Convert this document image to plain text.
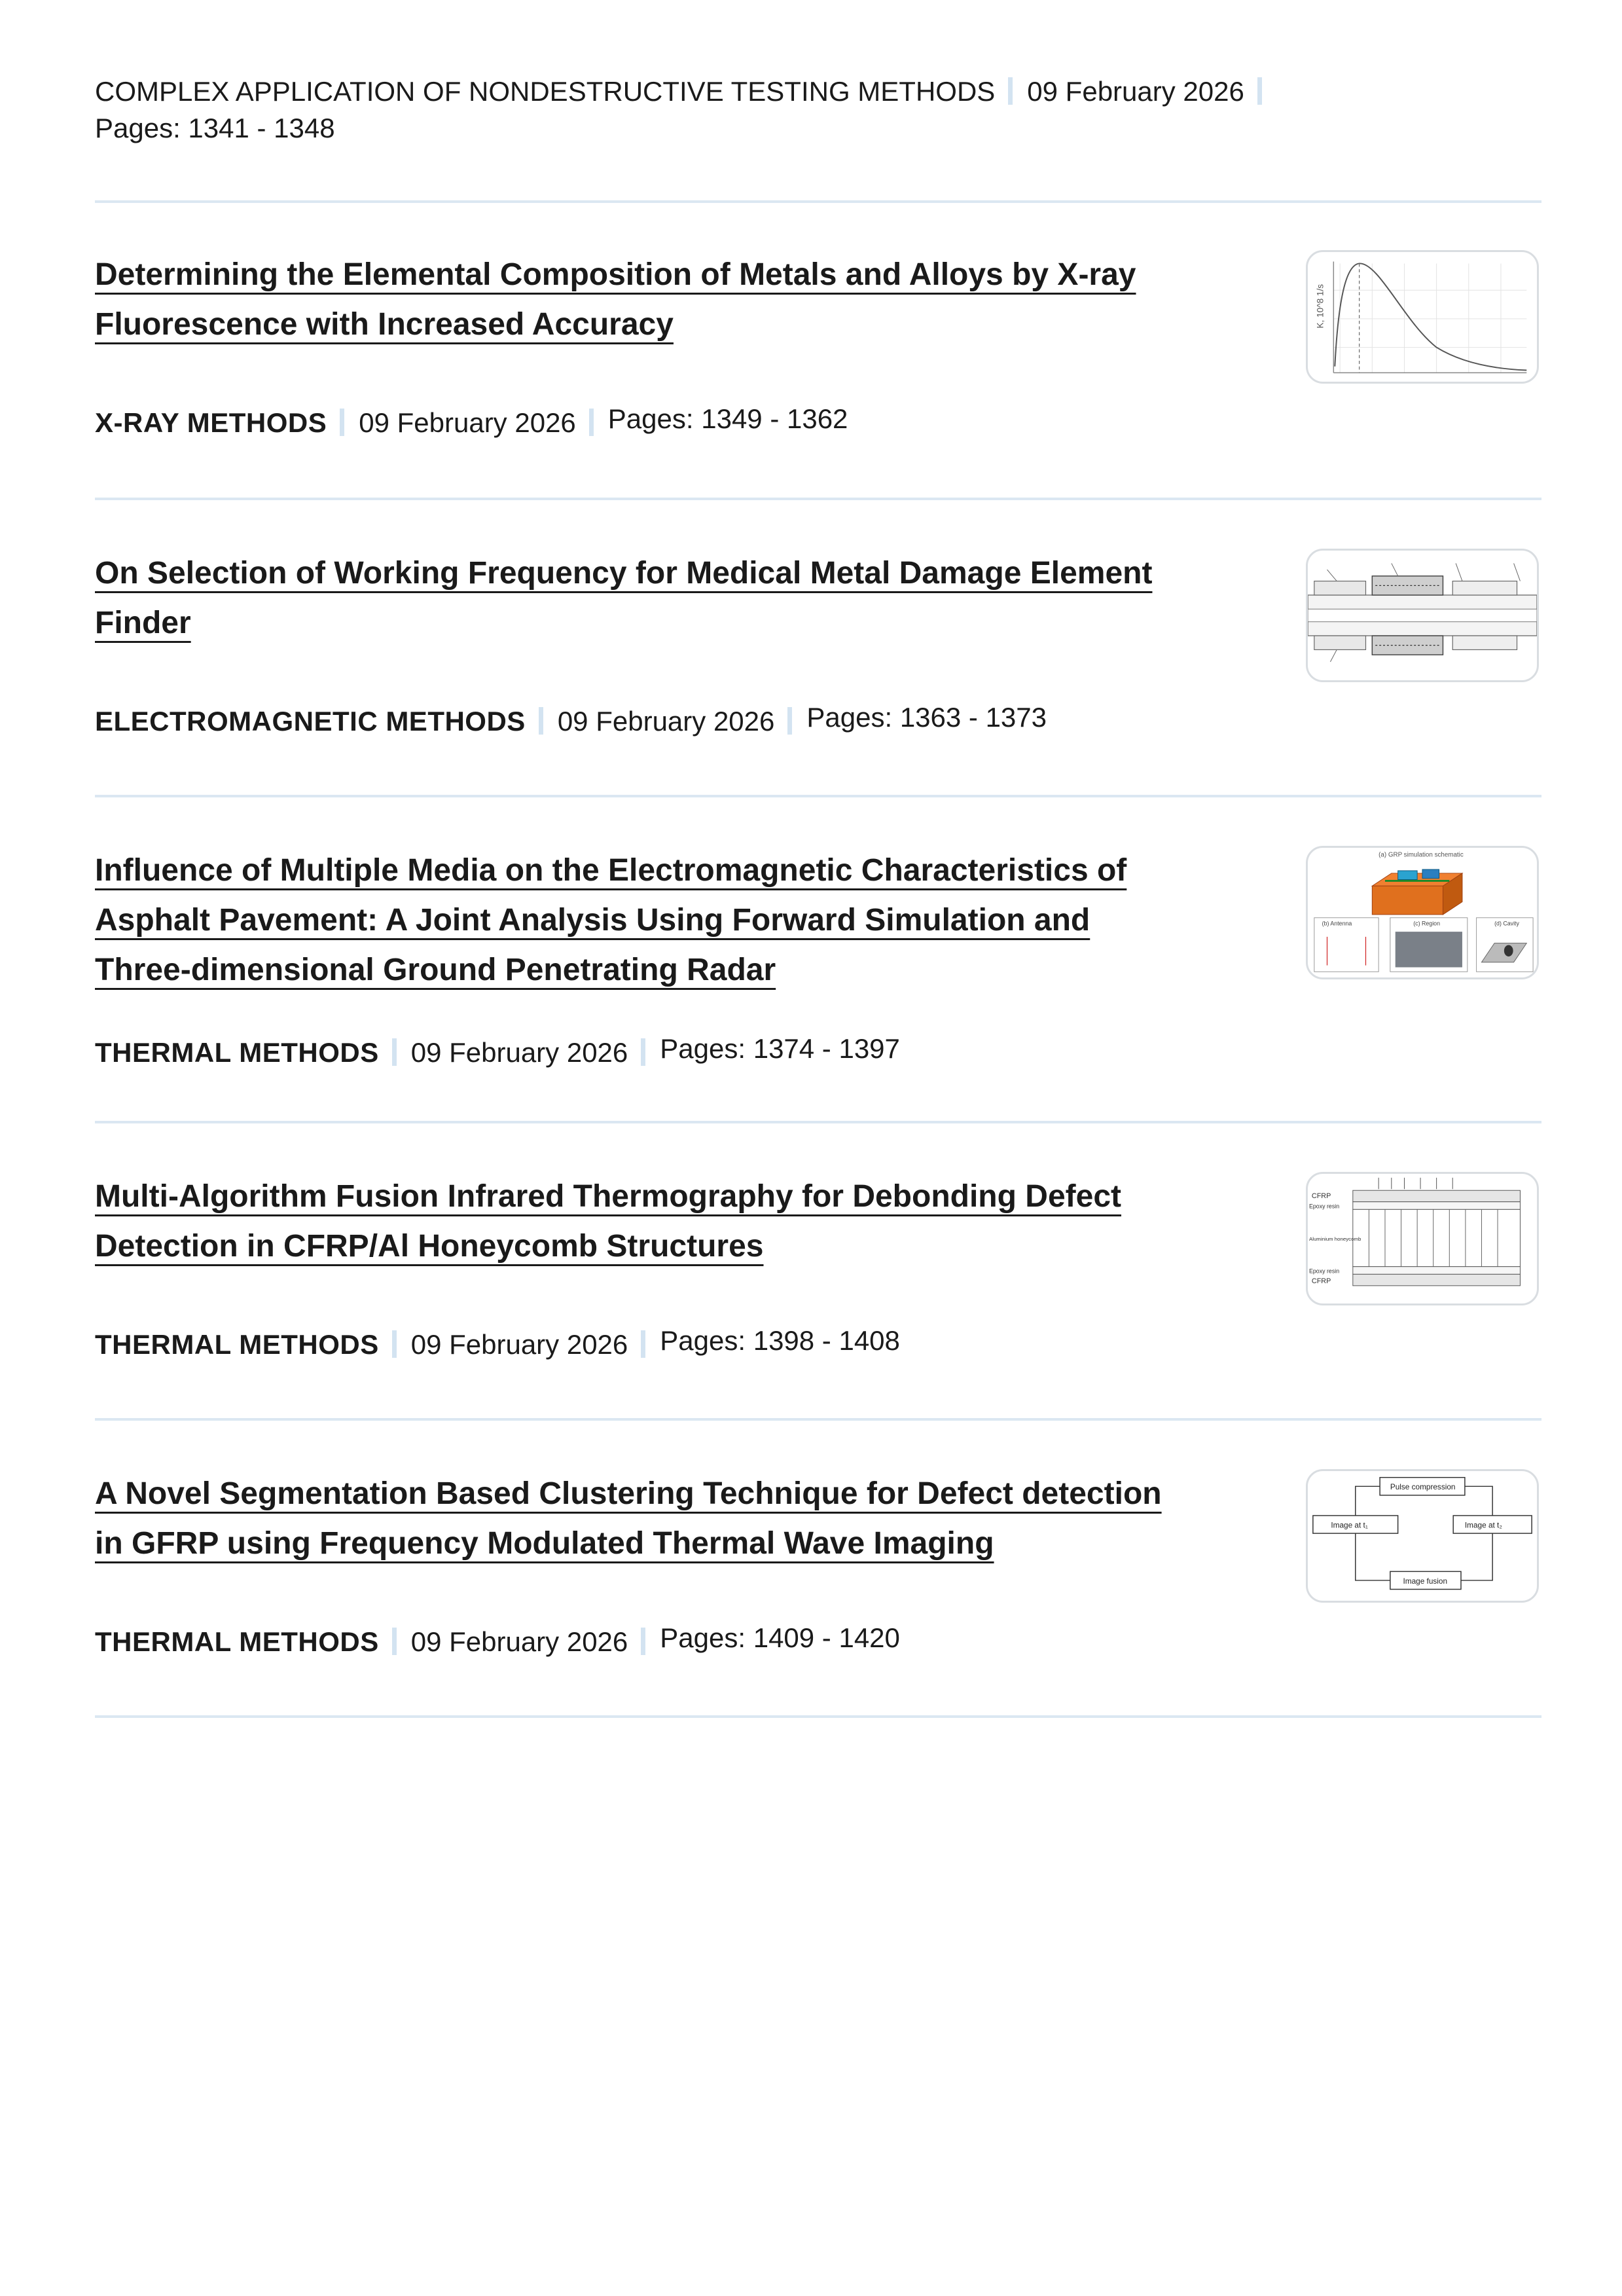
COMPLEX APPLICATION OF NONDESTRUCTIVE TESTING METHODS 09 February 2026
Pages: 1341 - 1348
Determining the Elemental Composition of Metals and Alloys by X-ray
Fluorescence with Increased Accuracy	K, 10^8 1/s
X-RAY METHODS 09 February 2026 Pages: 1349 - 1362
On Selection of Working Frequency for Medical Metal Damage Element
Finder
ELECTROMAGNETIC METHODS 09 February 2026 Pages: 1363 - 1373
Influence of Multiple Media on the Electromagnetic Characteristics of
Asphalt Pavement: A Joint Analysis Using Forward Simulation and
Three-dimensional Ground Penetrating Radar
(a) GRP simulation schematic
(b) Antenna	(c) Region	(d) Cavity
THERMAL METHODS 09 February 2026 Pages: 1374 - 1397
Multi-Algorithm Fusion Infrared Thermography for Debonding Defect
Detection in CFRP/Al Honeycomb Structures
CFRP
Epoxy resin
Aluminium honeycomb
Epoxy resin
CFRP
THERMAL METHODS 09 February 2026 Pages: 1398 - 1408
A Novel Segmentation Based Clustering Technique for Defect detection
in GFRP using Frequency Modulated Thermal Wave Imaging
Pulse compression
Image at t₁	Image at t₂
Image fusion
THERMAL METHODS 09 February 2026 Pages: 1409 - 1420
